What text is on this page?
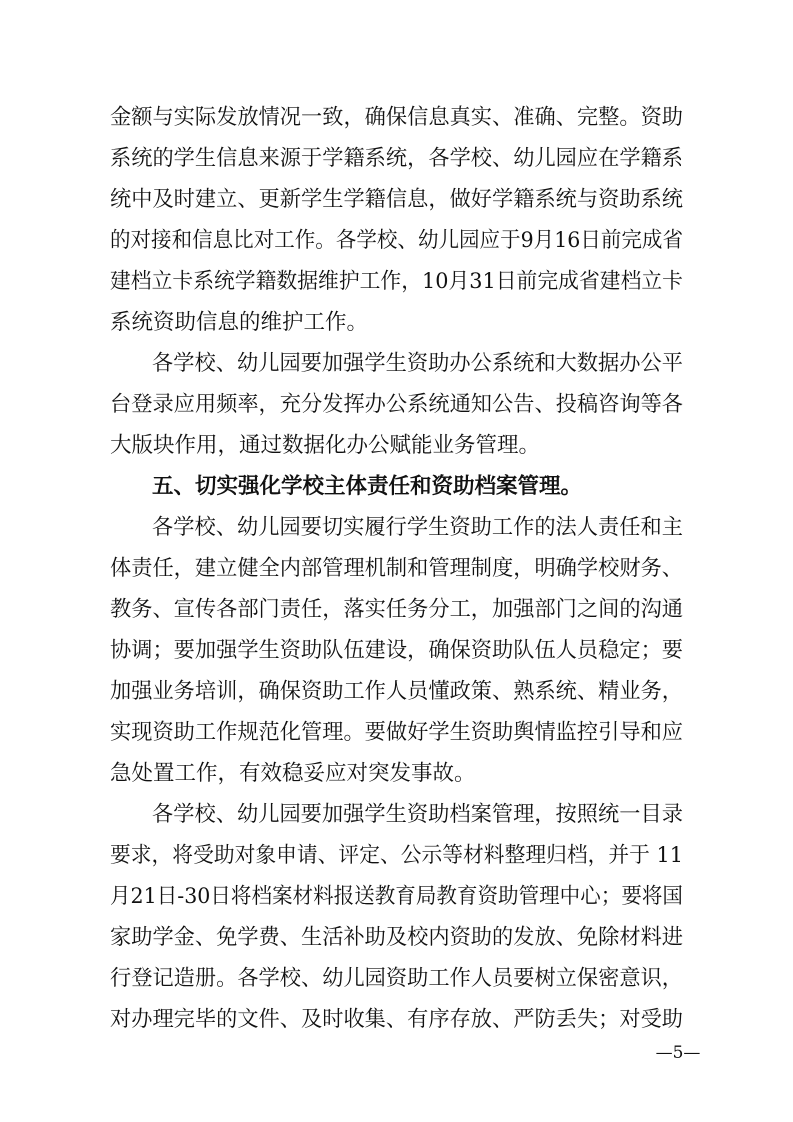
金额与实际发放情况一致，确保信息真实、准确、完整。资助
系统的学生信息来源于学籍系统，各学校、幼儿园应在学籍系
统中及时建立、更新学生学籍信息，做好学籍系统与资助系统
的对接和信息比对工作。各学校、幼儿园应于9月16日前完成省
建档立卡系统学籍数据维护工作，10月31日前完成省建档立卡
系统资助信息的维护工作。
各学校、幼儿园要加强学生资助办公系统和大数据办公平
台登录应用频率，充分发挥办公系统通知公告、投稿咨询等各
大版块作用，通过数据化办公赋能业务管理。
五、切实强化学校主体责任和资助档案管理。
各学校、幼儿园要切实履行学生资助工作的法人责任和主
体责任，建立健全内部管理机制和管理制度，明确学校财务、
教务、宣传各部门责任，落实任务分工，加强部门之间的沟通
协调；要加强学生资助队伍建设，确保资助队伍人员稳定；要
加强业务培训，确保资助工作人员懂政策、熟系统、精业务，
实现资助工作规范化管理。要做好学生资助舆情监控引导和应
急处置工作，有效稳妥应对突发事故。
各学校、幼儿园要加强学生资助档案管理，按照统一目录
要求，将受助对象申请、评定、公示等材料整理归档，并于 11
月21日-30日将档案材料报送教育局教育资助管理中心；要将国
家助学金、免学费、生活补助及校内资助的发放、免除材料进
行登记造册。各学校、幼儿园资助工作人员要树立保密意识，
对办理完毕的文件、及时收集、有序存放、严防丢失；对受助
—5—
